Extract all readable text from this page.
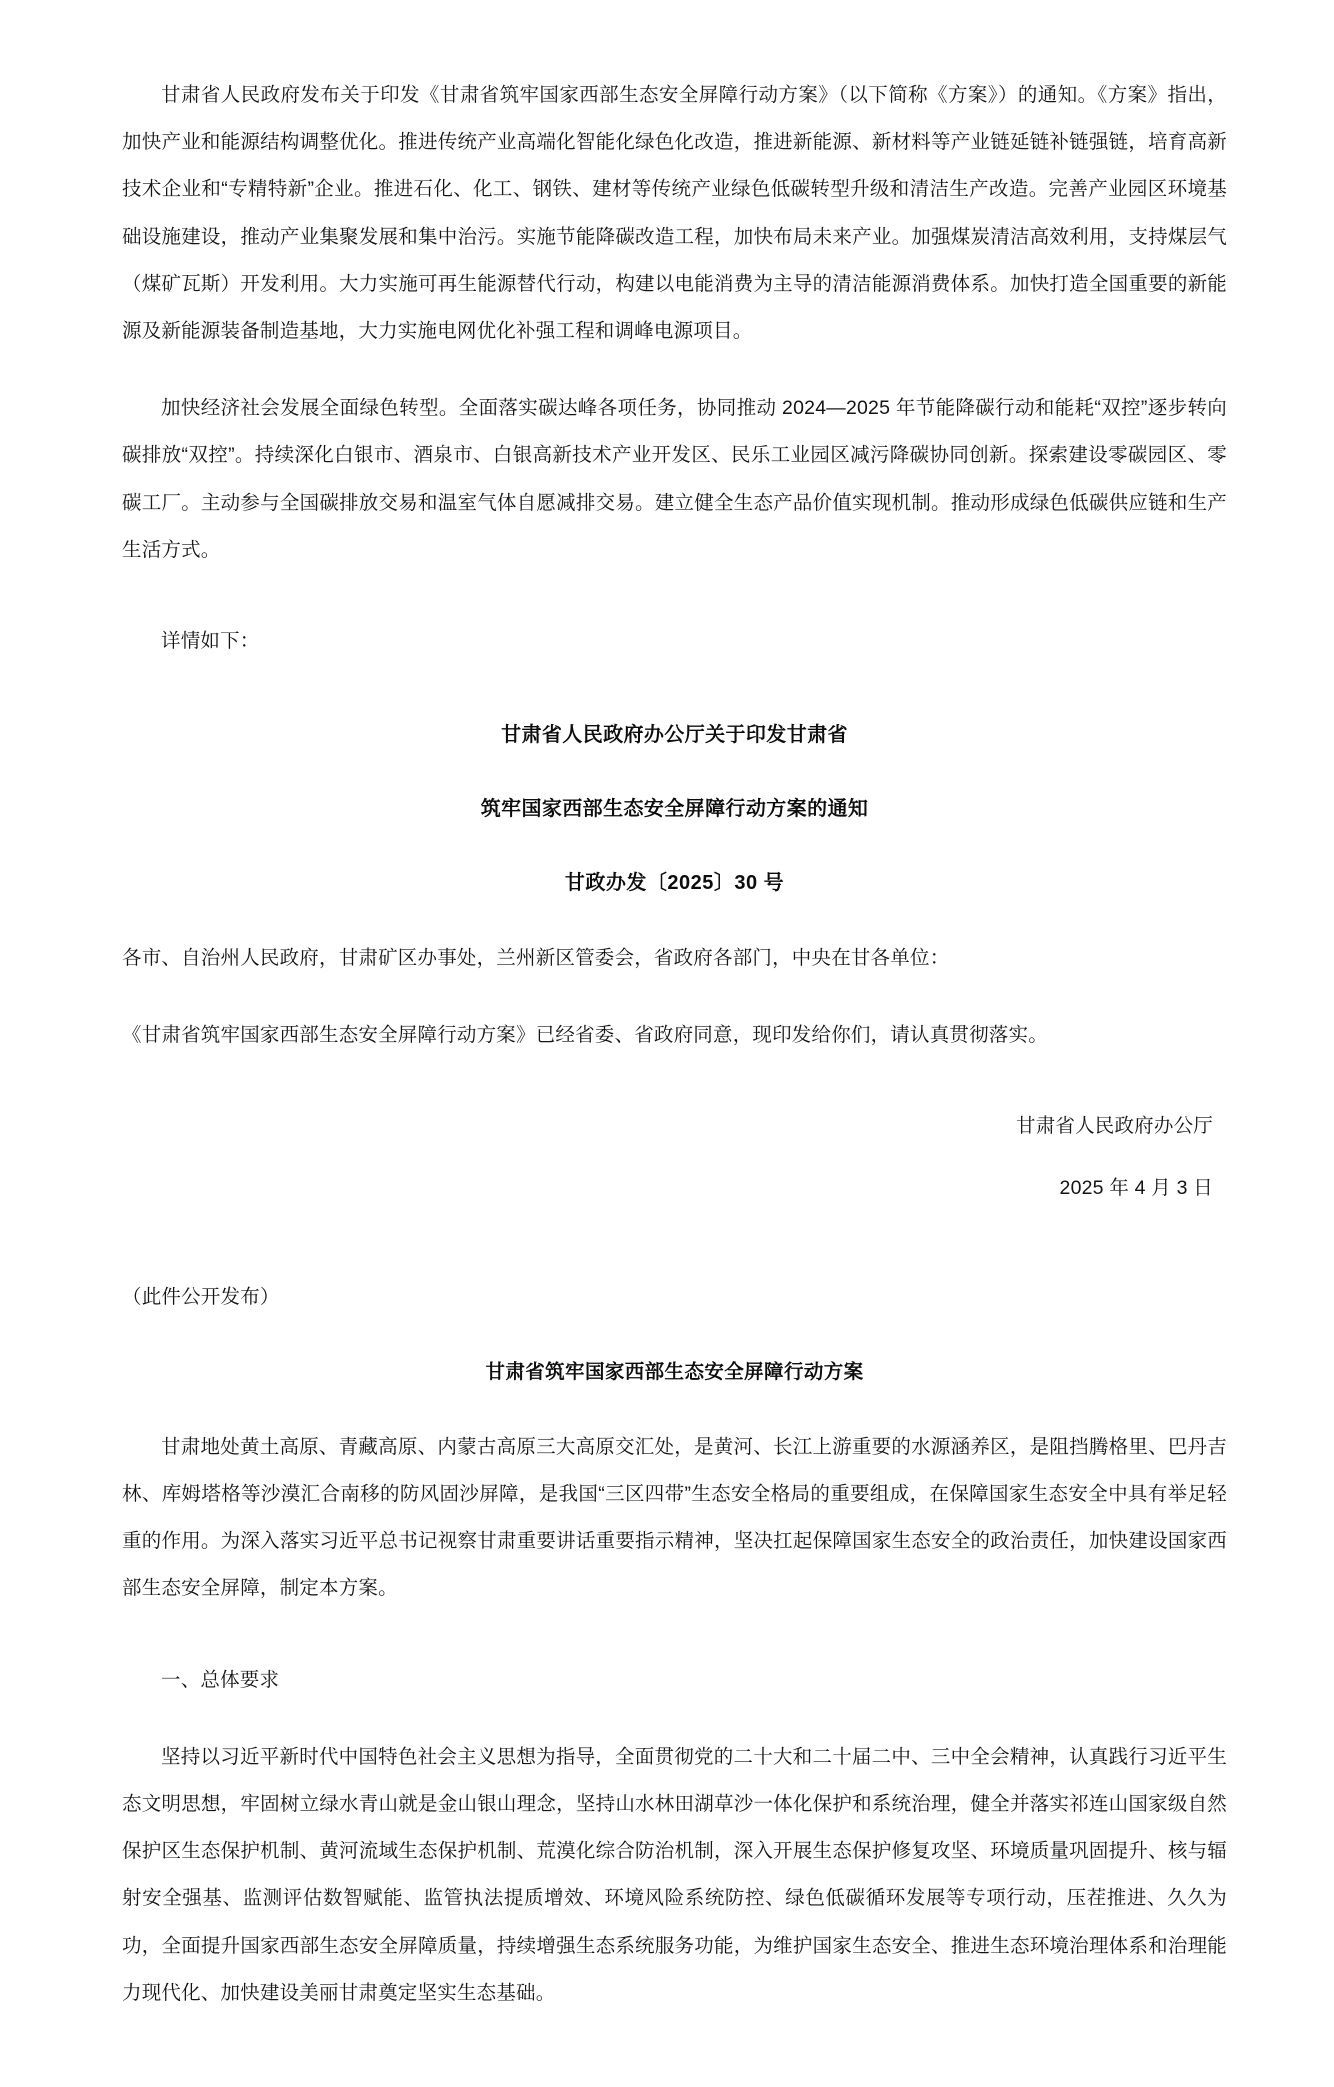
甘肃省人民政府发布关于印发《甘肃省筑牢国家西部生态安全屏障行动方案》（以下简称《方案》）的通知。《方案》指出，加快产业和能源结构调整优化。推进传统产业高端化智能化绿色化改造，推进新能源、新材料等产业链延链补链强链，培育高新技术企业和“专精特新”企业。推进石化、化工、钢铁、建材等传统产业绿色低碳转型升级和清洁生产改造。完善产业园区环境基础设施建设，推动产业集聚发展和集中治污。实施节能降碳改造工程，加快布局未来产业。加强煤炭清洁高效利用，支持煤层气（煤矿瓦斯）开发利用。大力实施可再生能源替代行动，构建以电能消费为主导的清洁能源消费体系。加快打造全国重要的新能源及新能源装备制造基地，大力实施电网优化补强工程和调峰电源项目。

加快经济社会发展全面绿色转型。全面落实碳达峰各项任务，协同推动 2024—2025 年节能降碳行动和能耗“双控”逐步转向碳排放“双控”。持续深化白银市、酒泉市、白银高新技术产业开发区、民乐工业园区减污降碳协同创新。探索建设零碳园区、零碳工厂。主动参与全国碳排放交易和温室气体自愿减排交易。建立健全生态产品价值实现机制。推动形成绿色低碳供应链和生产生活方式。

详情如下：

甘肃省人民政府办公厅关于印发甘肃省

筑牢国家西部生态安全屏障行动方案的通知

甘政办发〔2025〕30 号

各市、自治州人民政府，甘肃矿区办事处，兰州新区管委会，省政府各部门，中央在甘各单位：

《甘肃省筑牢国家西部生态安全屏障行动方案》已经省委、省政府同意，现印发给你们，请认真贯彻落实。

甘肃省人民政府办公厅

2025 年 4 月 3 日

（此件公开发布）

甘肃省筑牢国家西部生态安全屏障行动方案

甘肃地处黄土高原、青藏高原、内蒙古高原三大高原交汇处，是黄河、长江上游重要的水源涵养区，是阻挡腾格里、巴丹吉林、库姆塔格等沙漠汇合南移的防风固沙屏障，是我国“三区四带”生态安全格局的重要组成，在保障国家生态安全中具有举足轻重的作用。为深入落实习近平总书记视察甘肃重要讲话重要指示精神，坚决扛起保障国家生态安全的政治责任，加快建设国家西部生态安全屏障，制定本方案。

一、总体要求

坚持以习近平新时代中国特色社会主义思想为指导，全面贯彻党的二十大和二十届二中、三中全会精神，认真践行习近平生态文明思想，牢固树立绿水青山就是金山银山理念，坚持山水林田湖草沙一体化保护和系统治理，健全并落实祁连山国家级自然保护区生态保护机制、黄河流域生态保护机制、荒漠化综合防治机制，深入开展生态保护修复攻坚、环境质量巩固提升、核与辐射安全强基、监测评估数智赋能、监管执法提质增效、环境风险系统防控、绿色低碳循环发展等专项行动，压茬推进、久久为功，全面提升国家西部生态安全屏障质量，持续增强生态系统服务功能，为维护国家生态安全、推进生态环境治理体系和治理能力现代化、加快建设美丽甘肃奠定坚实生态基础。
